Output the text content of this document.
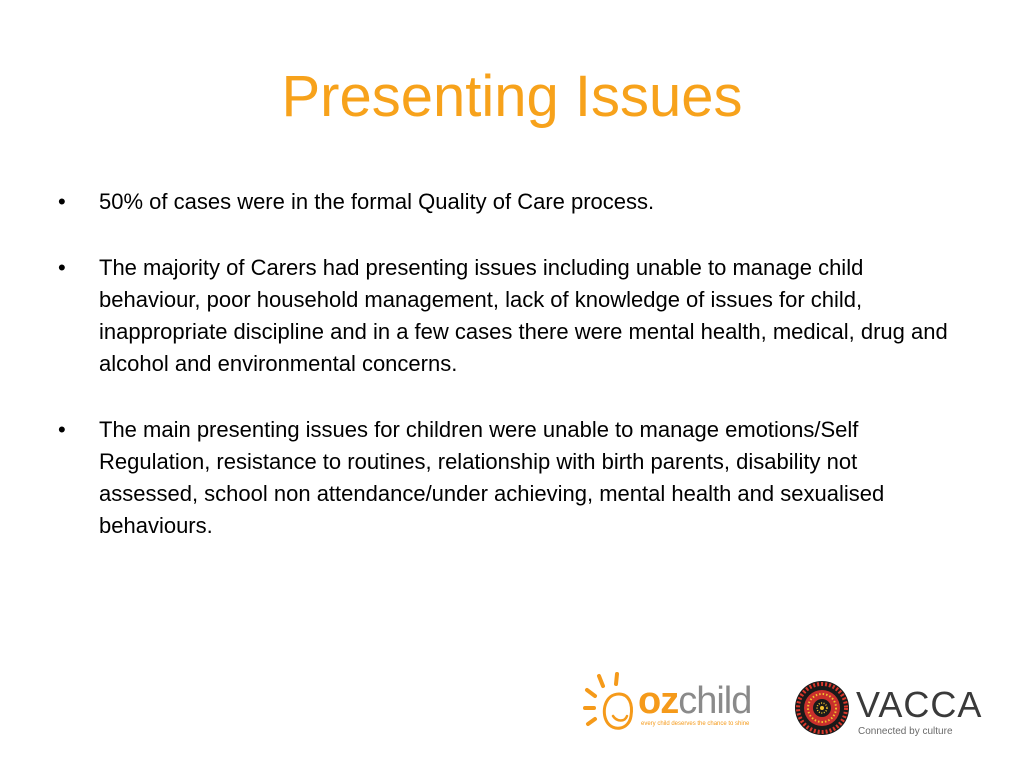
Presenting Issues
•	50% of cases were in the formal Quality of Care process.
•	The majority of Carers had presenting issues including unable to manage child behaviour, poor household management, lack of knowledge of issues for child, inappropriate discipline and in a few cases there were mental health, medical, drug and alcohol and environmental concerns.
•	The main presenting issues for children were unable to manage emotions/Self Regulation, resistance to routines, relationship with birth parents, disability not assessed, school non attendance/under achieving, mental health and sexualised behaviours.
ozchild
every child deserves the chance to shine	VACCA
Connected by culture
